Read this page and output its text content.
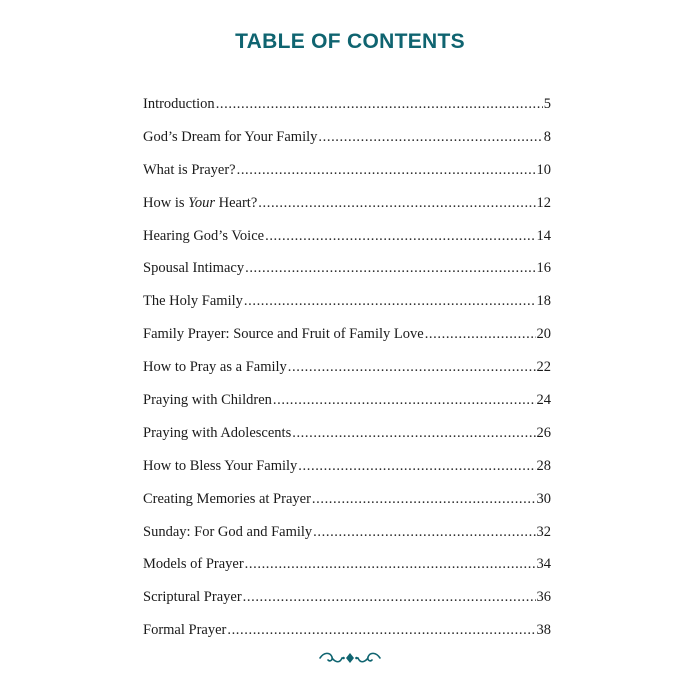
TABLE OF CONTENTS
Introduction .....	5
God’s Dream for Your Family .....	8
What is Prayer? .....	10
How is Your Heart? .....	12
Hearing God’s Voice .....	14
Spousal Intimacy .....	16
The Holy Family .....	18
Family Prayer: Source and Fruit of Family Love .....	20
How to Pray as a Family .....	22
Praying with Children .....	24
Praying with Adolescents .....	26
How to Bless Your Family .....	28
Creating Memories at Prayer .....	30
Sunday: For God and Family .....	32
Models of Prayer .....	34
Scriptural Prayer .....	36
Formal Prayer .....	38
